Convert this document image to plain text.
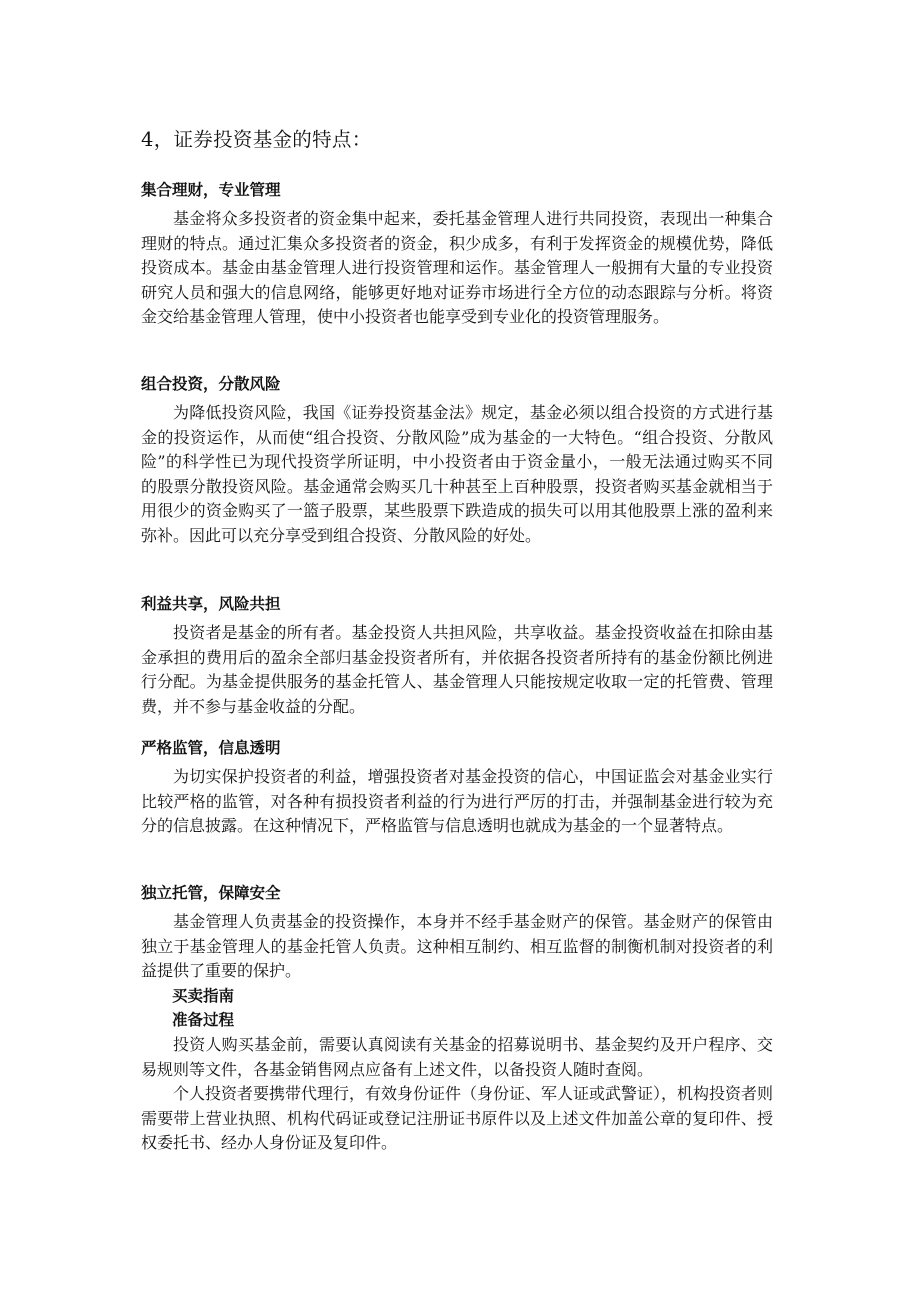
4，证券投资基金的特点：

集合理财，专业管理

基金将众多投资者的资金集中起来，委托基金管理人进行共同投资，表现出一种集合理财的特点。通过汇集众多投资者的资金，积少成多，有利于发挥资金的规模优势，降低投资成本。基金由基金管理人进行投资管理和运作。基金管理人一般拥有大量的专业投资研究人员和强大的信息网络，能够更好地对证券市场进行全方位的动态跟踪与分析。将资金交给基金管理人管理，使中小投资者也能享受到专业化的投资管理服务。

组合投资，分散风险

为降低投资风险，我国《证券投资基金法》规定，基金必须以组合投资的方式进行基金的投资运作，从而使“组合投资、分散风险”成为基金的一大特色。“组合投资、分散风险”的科学性已为现代投资学所证明，中小投资者由于资金量小，一般无法通过购买不同的股票分散投资风险。基金通常会购买几十种甚至上百种股票，投资者购买基金就相当于用很少的资金购买了一篮子股票，某些股票下跌造成的损失可以用其他股票上涨的盈利来弥补。因此可以充分享受到组合投资、分散风险的好处。

利益共享，风险共担

投资者是基金的所有者。基金投资人共担风险，共享收益。基金投资收益在扣除由基金承担的费用后的盈余全部归基金投资者所有，并依据各投资者所持有的基金份额比例进行分配。为基金提供服务的基金托管人、基金管理人只能按规定收取一定的托管费、管理费，并不参与基金收益的分配。

严格监管，信息透明

为切实保护投资者的利益，增强投资者对基金投资的信心，中国证监会对基金业实行比较严格的监管，对各种有损投资者利益的行为进行严厉的打击，并强制基金进行较为充分的信息披露。在这种情况下，严格监管与信息透明也就成为基金的一个显著特点。

独立托管，保障安全

基金管理人负责基金的投资操作，本身并不经手基金财产的保管。基金财产的保管由独立于基金管理人的基金托管人负责。这种相互制约、相互监督的制衡机制对投资者的利益提供了重要的保护。

买卖指南

准备过程

投资人购买基金前，需要认真阅读有关基金的招募说明书、基金契约及开户程序、交易规则等文件，各基金销售网点应备有上述文件，以备投资人随时查阅。

个人投资者要携带代理行，有效身份证件（身份证、军人证或武警证），机构投资者则需要带上营业执照、机构代码证或登记注册证书原件以及上述文件加盖公章的复印件、授权委托书、经办人身份证及复印件。
